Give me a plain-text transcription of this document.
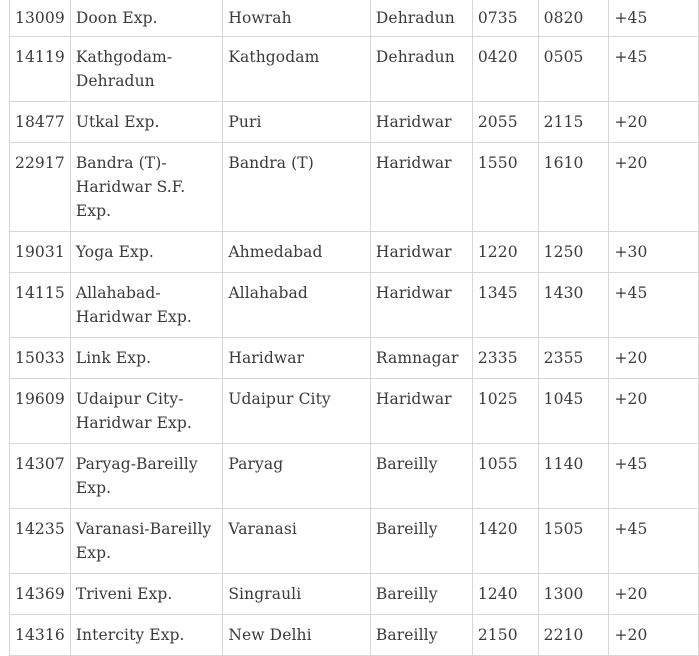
13009	Doon Exp.	Howrah	Dehradun	0735	0820	+45
14119	Kathgodam-Dehradun	Kathgodam	Dehradun	0420	0505	+45
18477	Utkal Exp.	Puri	Haridwar	2055	2115	+20
22917	Bandra (T)-Haridwar S.F. Exp.	Bandra (T)	Haridwar	1550	1610	+20
19031	Yoga Exp.	Ahmedabad	Haridwar	1220	1250	+30
14115	Allahabad-Haridwar Exp.	Allahabad	Haridwar	1345	1430	+45
15033	Link Exp.	Haridwar	Ramnagar	2335	2355	+20
19609	Udaipur City-Haridwar Exp.	Udaipur City	Haridwar	1025	1045	+20
14307	Paryag-Bareilly Exp.	Paryag	Bareilly	1055	1140	+45
14235	Varanasi-Bareilly Exp.	Varanasi	Bareilly	1420	1505	+45
14369	Triveni Exp.	Singrauli	Bareilly	1240	1300	+20
14316	Intercity Exp.	New Delhi	Bareilly	2150	2210	+20
